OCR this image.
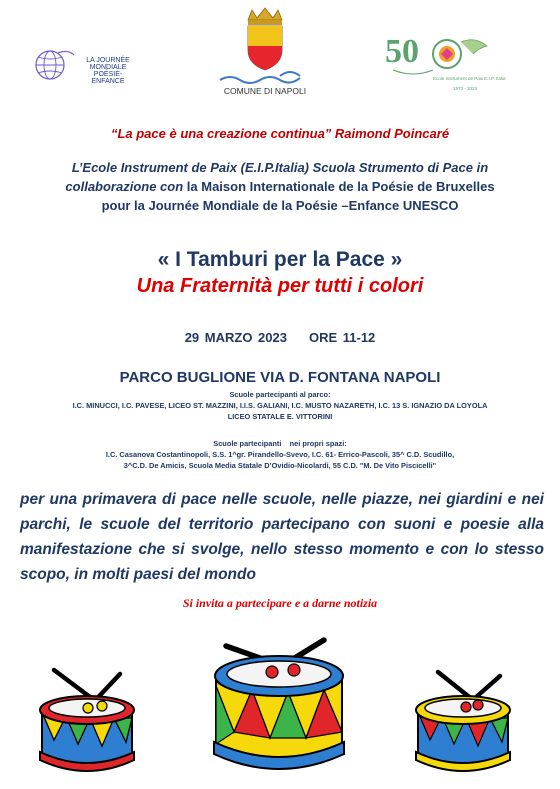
LA JOURNÉE
MONDIALE
POÉSIE-ENFANCE
COMUNE DI NAPOLI
50
Ecole Instrument de Paix E.I.P. Italia
1973 - 2023
“La pace è una creazione continua” Raimond Poincaré
L’Ecole Instrument de Paix (E.I.P.Italia) Scuola Strumento di Pace in
collaborazione con la Maison Internationale de la Poésie de Bruxelles
pour la Journée Mondiale de la Poésie –Enfance UNESCO
« I Tamburi per la Pace »
Una Fraternità per tutti i colori
29 MARZO 2023 ORE 11-12
PARCO BUGLIONE VIA D. FONTANA NAPOLI
Scuole partecipanti al parco:
I.C. MINUCCI, I.C. PAVESE, LICEO ST. MAZZINI, I.I.S. GALIANI, I.C. MUSTO NAZARETH, I.C. 13 S. IGNAZIO DA LOYOLA
LICEO STATALE E. VITTORINI
Scuole partecipanti    nei propri spazi:
I.C. Casanova Costantinopoli, S.S. 1^gr. Pirandello-Svevo, I.C. 61- Errico-Pascoli, 35^ C.D. Scudillo,
3^C.D. De Amicis, Scuola Media Statale D’Ovidio-Nicolardi, 55 C.D. "M. De Vito Piscicelli"
per una primavera di pace nelle scuole, nelle piazze, nei giardini e nei parchi, le scuole del territorio partecipano con suoni e poesie alla manifestazione che si svolge, nello stesso momento e con lo stesso scopo, in molti paesi del mondo
Si invita a partecipare e a darne notizia
